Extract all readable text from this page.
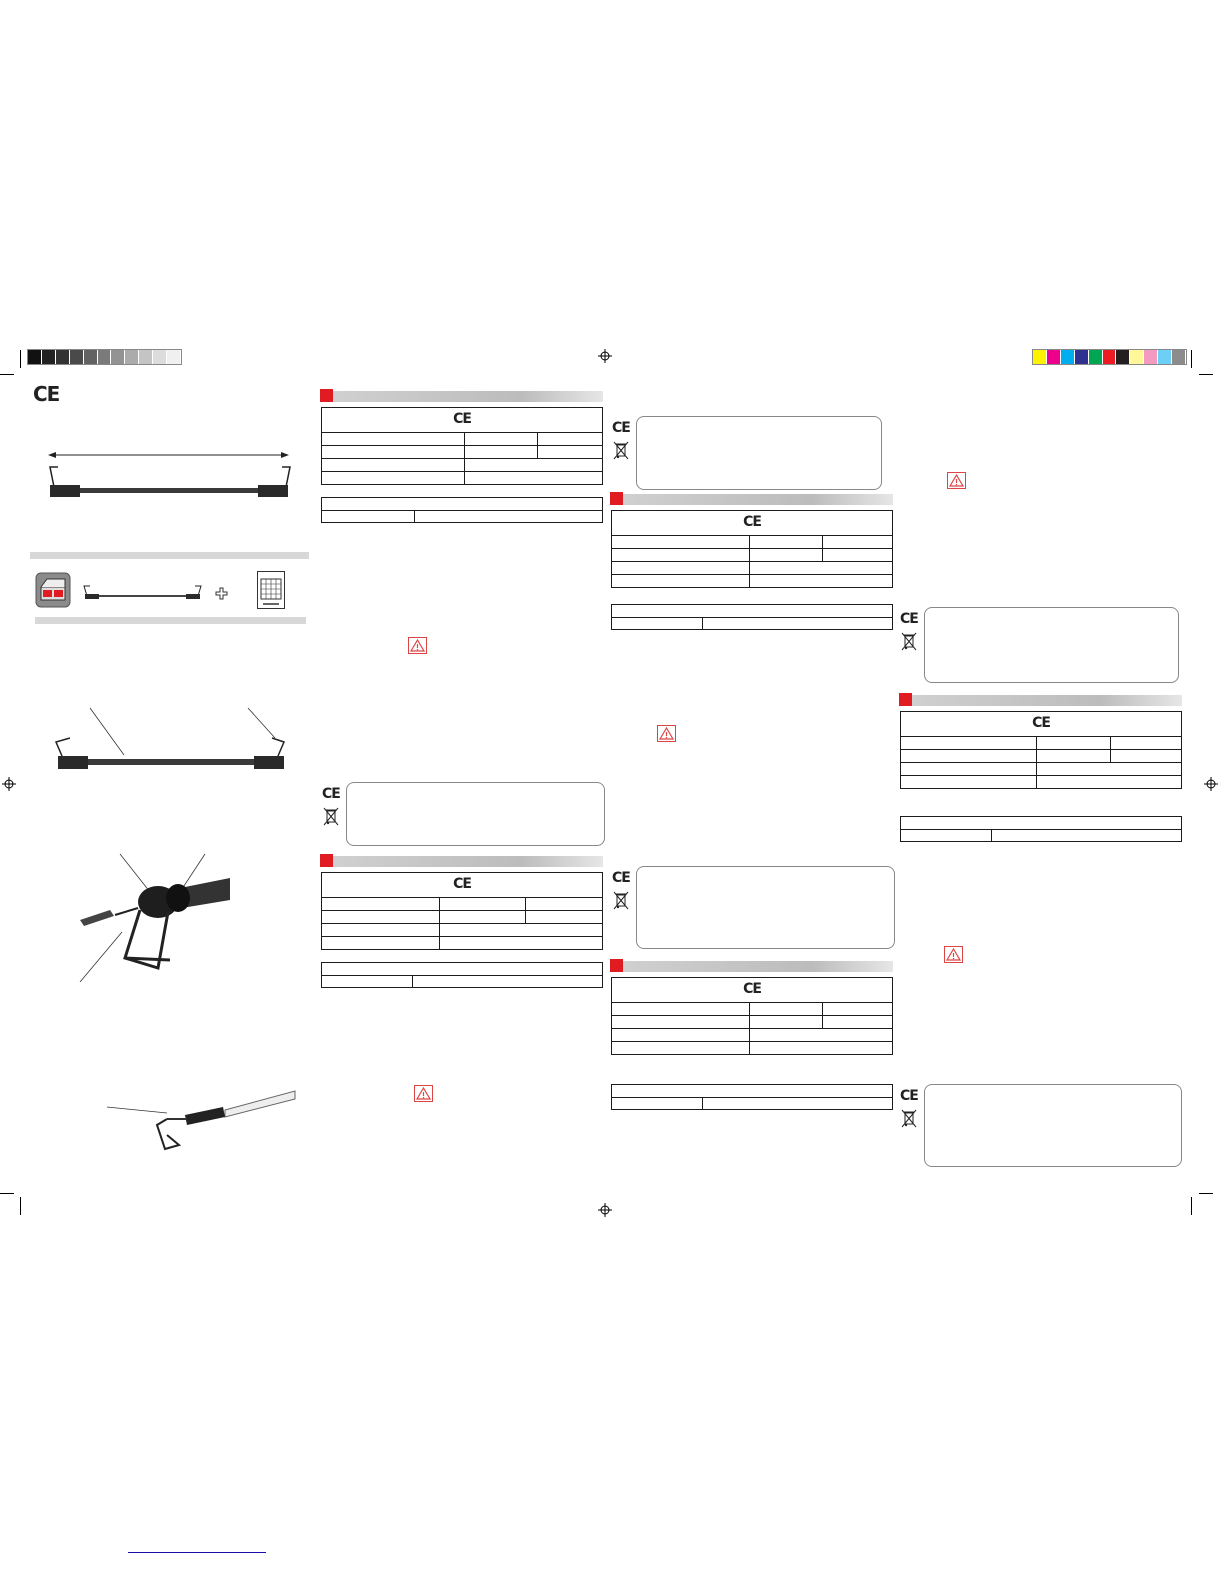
CE
CE
CE
CE
CE
CE
CE
CE
CE
CE
CE
